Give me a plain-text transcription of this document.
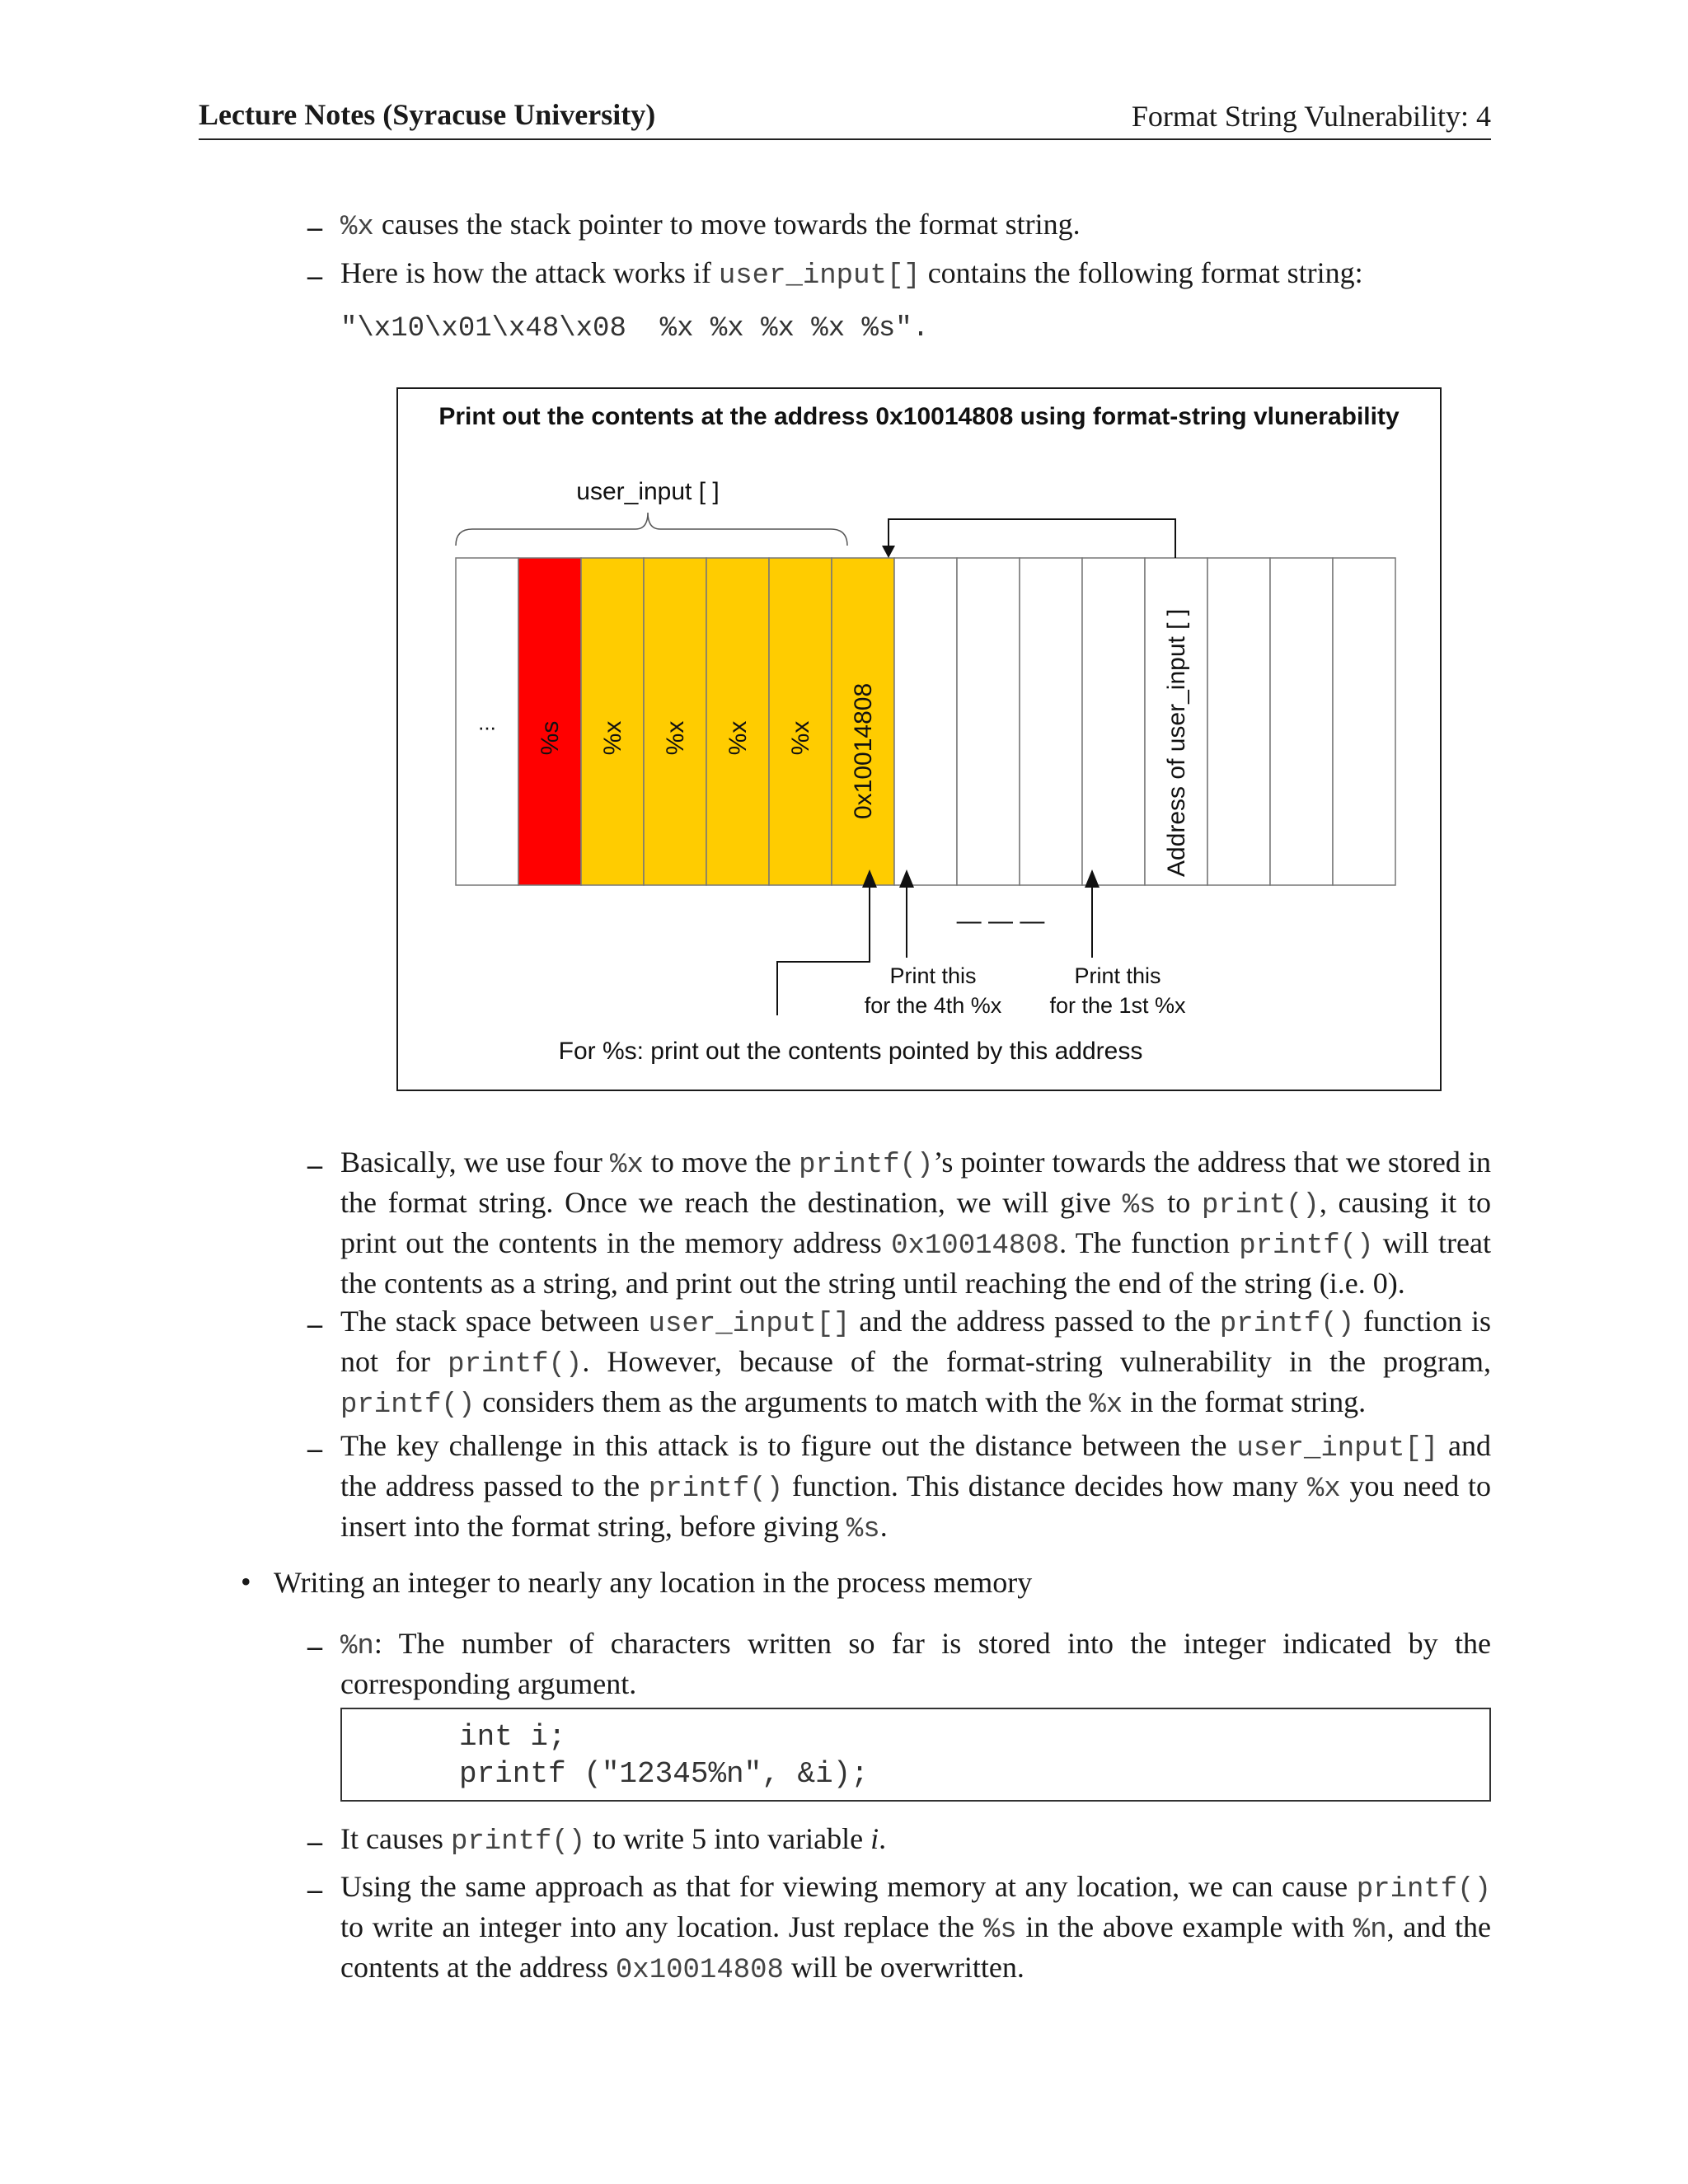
Lecture Notes (Syracuse University)	Format String Vulnerability: 4
– %x causes the stack pointer to move towards the format string.
– Here is how the attack works if user_input[] contains the following format string:
"\x10\x01\x48\x08  %x %x %x %x %s".
Print out the contents at the address 0x10014808 using format-string vlunerability
user_input [ ]
... %s %x %x %x %x 0x10014808	Address of user_input [ ]
— — —
Print this
for the 4th %x
Print this
for the 1st %x
For %s: print out the contents pointed by this address
– Basically, we use four %x to move the printf()’s pointer towards the address that we stored in the format string. Once we reach the destination, we will give %s to print(), causing it to print out the contents in the memory address 0x10014808. The function printf() will treat the contents as a string, and print out the string until reaching the end of the string (i.e. 0).
– The stack space between user_input[] and the address passed to the printf() function is not for printf(). However, because of the format-string vulnerability in the program, printf() considers them as the arguments to match with the %x in the format string.
– The key challenge in this attack is to figure out the distance between the user_input[] and the address passed to the printf() function. This distance decides how many %x you need to insert into the format string, before giving %s.
• Writing an integer to nearly any location in the process memory
– %n: The number of characters written so far is stored into the integer indicated by the corresponding argument.
int i;
printf ("12345%n", &i);
– It causes printf() to write 5 into variable i.
– Using the same approach as that for viewing memory at any location, we can cause printf() to write an integer into any location. Just replace the %s in the above example with %n, and the contents at the address 0x10014808 will be overwritten.
